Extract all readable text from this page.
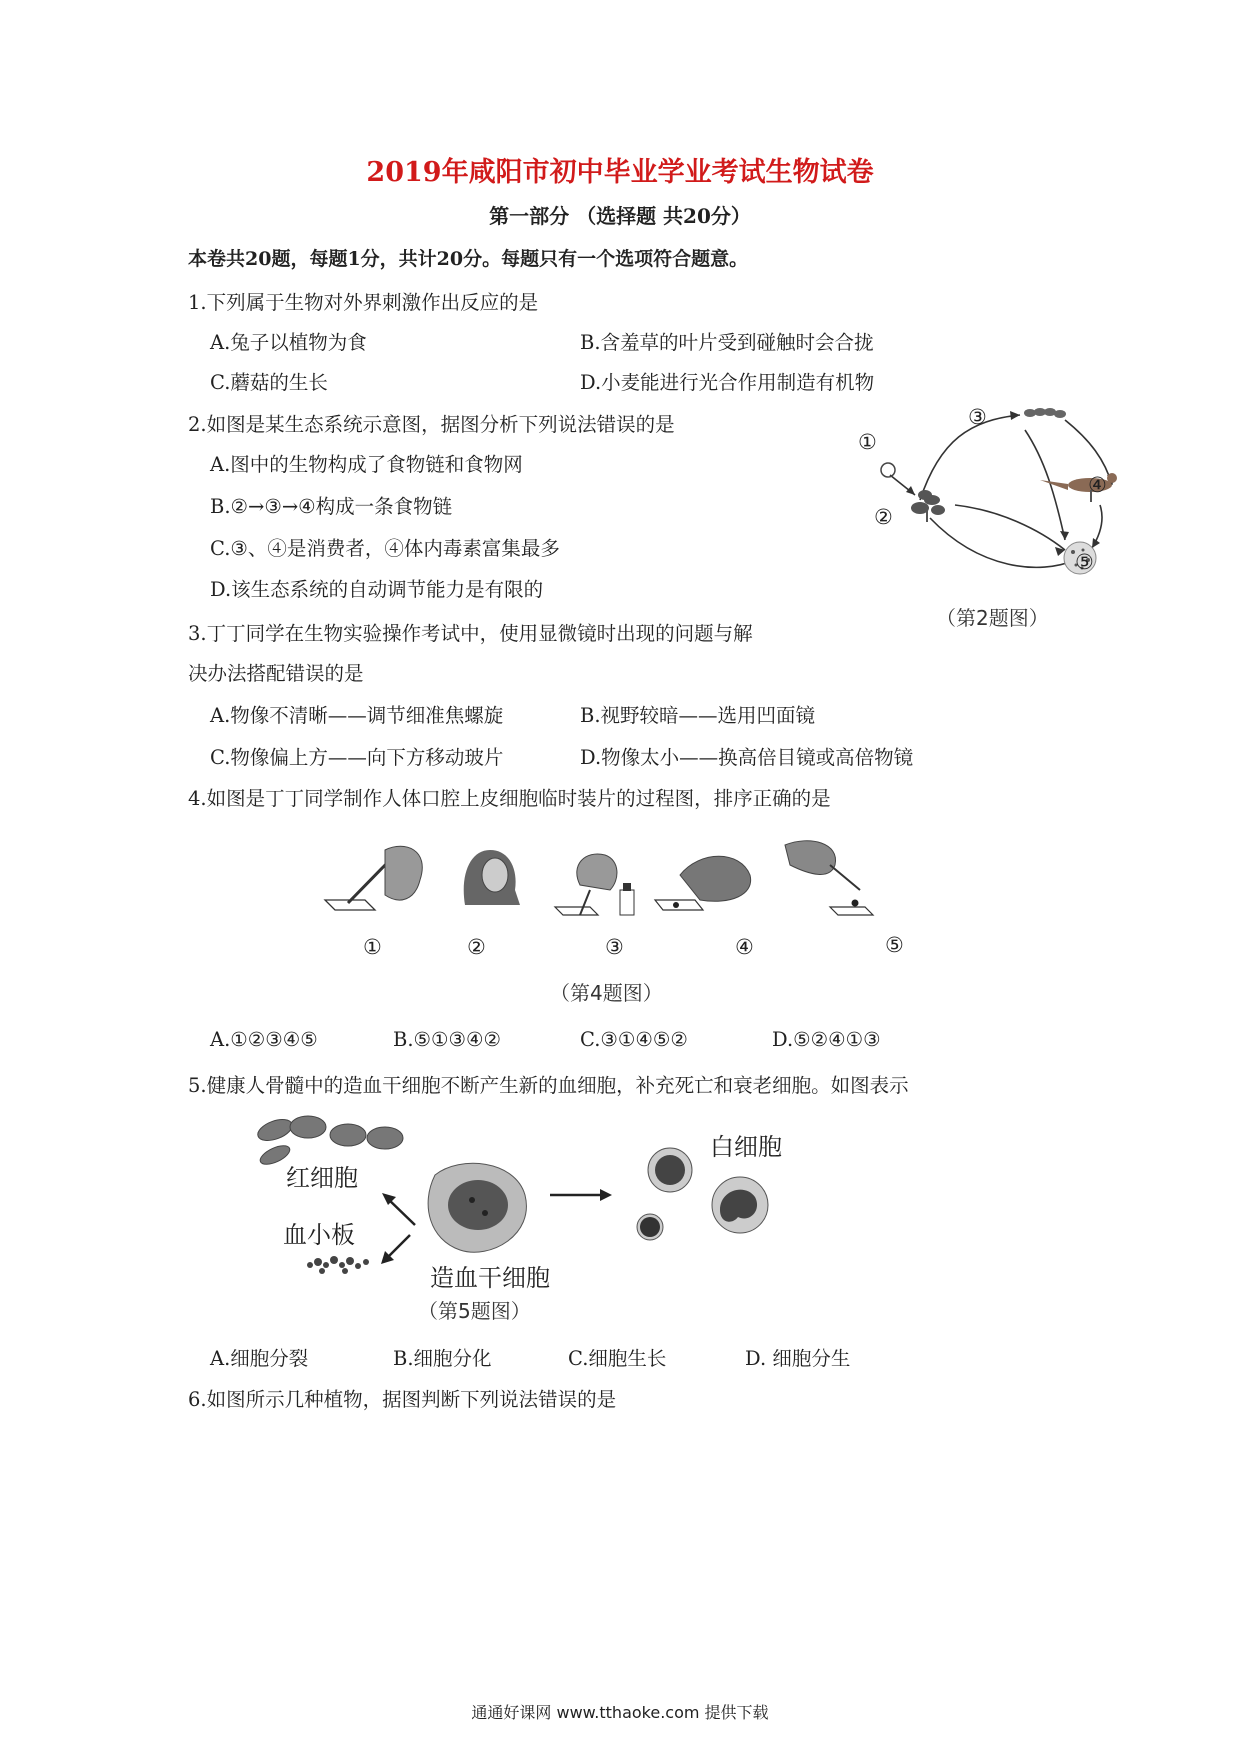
2019年咸阳市初中毕业学业考试生物试卷
第一部分 （选择题 共20分）
本卷共20题，每题1分，共计20分。每题只有一个选项符合题意。
1.下列属于生物对外界刺激作出反应的是
A.兔子以植物为食	B.含羞草的叶片受到碰触时会合拢
C.蘑菇的生长	D.小麦能进行光合作用制造有机物
2.如图是某生态系统示意图，据图分析下列说法错误的是
A.图中的生物构成了食物链和食物网
B.②→③→④构成一条食物链
C.③、④是消费者，④体内毒素富集最多
D.该生态系统的自动调节能力是有限的
①
②
③
④
⑤
（第2题图）
3.丁丁同学在生物实验操作考试中，使用显微镜时出现的问题与解
决办法搭配错误的是
A.物像不清晰——调节细准焦螺旋	B.视野较暗——选用凹面镜
C.物像偏上方——向下方移动玻片	D.物像太小——换高倍目镜或高倍物镜
4.如图是丁丁同学制作人体口腔上皮细胞临时装片的过程图，排序正确的是
①	②	③	④	⑤
（第4题图）
A.①②③④⑤	B.⑤①③④②	C.③①④⑤②	D.⑤②④①③
5.健康人骨髓中的造血干细胞不断产生新的血细胞，补充死亡和衰老细胞。如图表示
红细胞
血小板
白细胞
造血干细胞
（第5题图）
A.细胞分裂	B.细胞分化	C.细胞生长	D. 细胞分生
6.如图所示几种植物，据图判断下列说法错误的是
通通好课网 www.tthaoke.com 提供下载
